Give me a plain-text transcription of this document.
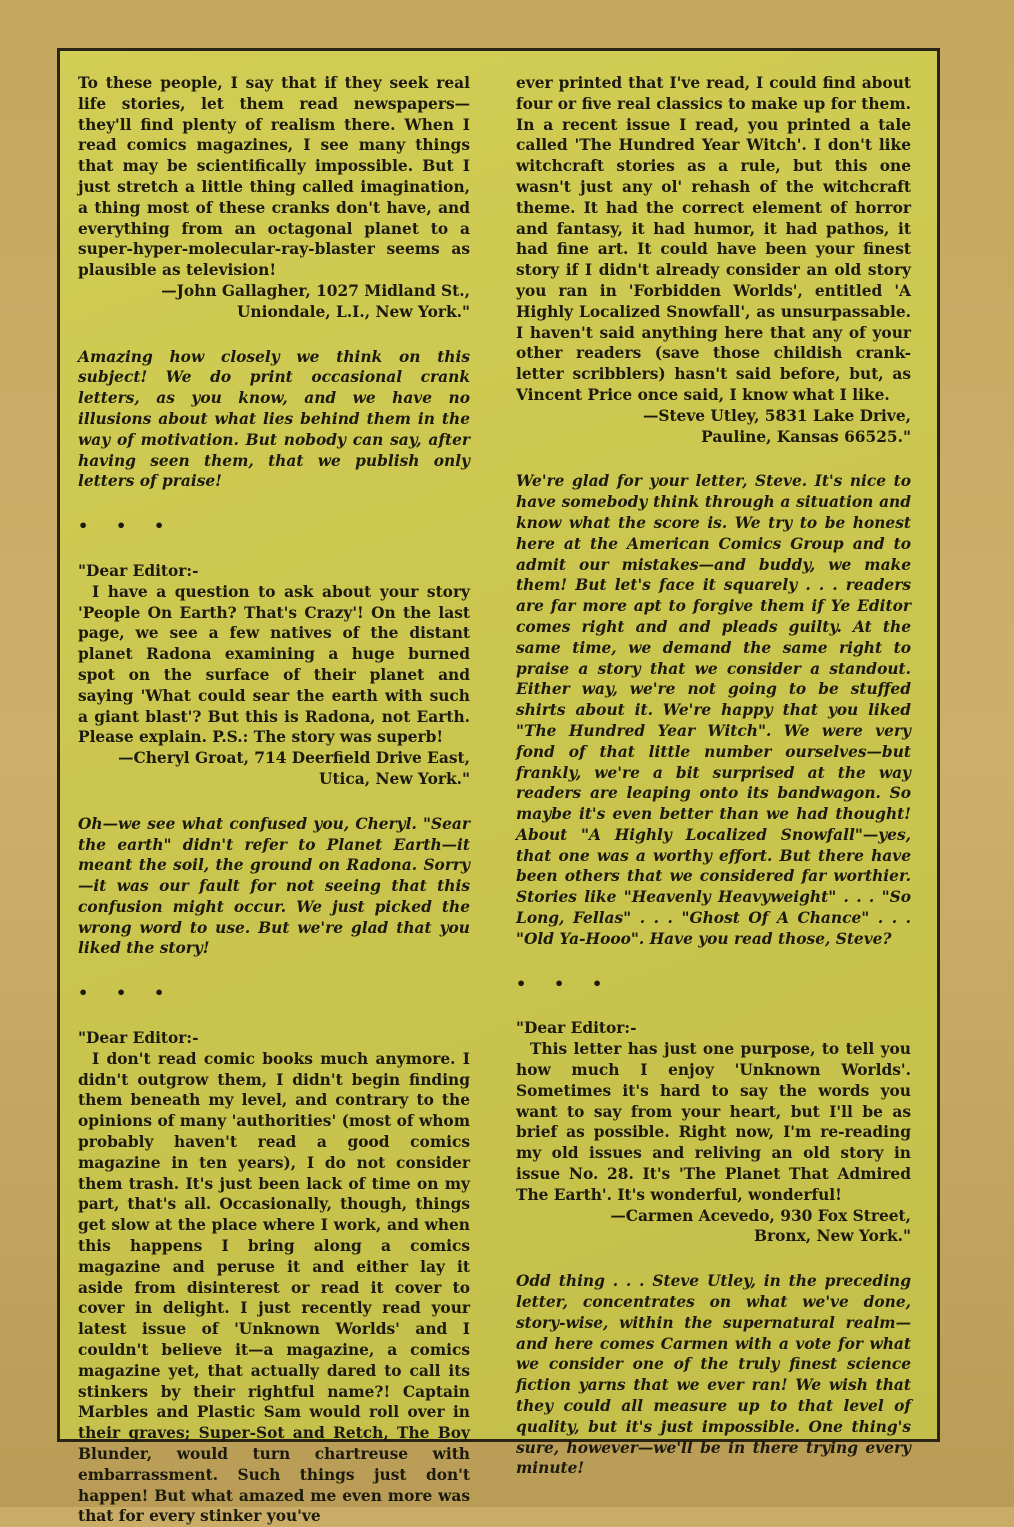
To these people, I say that if they seek real life stories, let them read newspapers—they'll find plenty of realism there. When I read comics magazines, I see many things that may be scientifically impossible. But I just stretch a little thing called imagination, a thing most of these cranks don't have, and everything from an octagonal planet to a super-hyper-molecular-ray-blaster seems as plausible as television!

—John Gallagher, 1027 Midland St.,

Uniondale, L.I., New York."

Amazing how closely we think on this subject! We do print occasional crank letters, as you know, and we have no illusions about what lies behind them in the way of motivation. But nobody can say, after having seen them, that we publish only letters of praise!

• • •

"Dear Editor:-

I have a question to ask about your story 'People On Earth? That's Crazy'! On the last page, we see a few natives of the distant planet Radona examining a huge burned spot on the surface of their planet and saying 'What could sear the earth with such a giant blast'? But this is Radona, not Earth. Please explain. P.S.: The story was superb!

—Cheryl Groat, 714 Deerfield Drive East,

Utica, New York."

Oh—we see what confused you, Cheryl. "Sear the earth" didn't refer to Planet Earth—it meant the soil, the ground on Radona. Sorry—it was our fault for not seeing that this confusion might occur. We just picked the wrong word to use. But we're glad that you liked the story!

• • •

"Dear Editor:-

I don't read comic books much anymore. I didn't outgrow them, I didn't begin finding them beneath my level, and contrary to the opinions of many 'authorities' (most of whom probably haven't read a good comics magazine in ten years), I do not consider them trash. It's just been lack of time on my part, that's all. Occasionally, though, things get slow at the place where I work, and when this happens I bring along a comics magazine and peruse it and either lay it aside from disinterest or read it cover to cover in delight. I just recently read your latest issue of 'Unknown Worlds' and I couldn't believe it—a magazine, a comics magazine yet, that actually dared to call its stinkers by their rightful name?! Captain Marbles and Plastic Sam would roll over in their graves; Super-Sot and Retch, The Boy Blunder, would turn chartreuse with embarrassment. Such things just don't happen! But what amazed me even more was that for every stinker you've

ever printed that I've read, I could find about four or five real classics to make up for them. In a recent issue I read, you printed a tale called 'The Hundred Year Witch'. I don't like witchcraft stories as a rule, but this one wasn't just any ol' rehash of the witchcraft theme. It had the correct element of horror and fantasy, it had humor, it had pathos, it had fine art. It could have been your finest story if I didn't already consider an old story you ran in 'Forbidden Worlds', entitled 'A Highly Localized Snowfall', as unsurpassable. I haven't said anything here that any of your other readers (save those childish crank-letter scribblers) hasn't said before, but, as Vincent Price once said, I know what I like.

—Steve Utley, 5831 Lake Drive,

Pauline, Kansas 66525."

We're glad for your letter, Steve. It's nice to have somebody think through a situation and know what the score is. We try to be honest here at the American Comics Group and to admit our mistakes—and buddy, we make them! But let's face it squarely . . . readers are far more apt to forgive them if Ye Editor comes right and and pleads guilty. At the same time, we demand the same right to praise a story that we consider a standout. Either way, we're not going to be stuffed shirts about it. We're happy that you liked "The Hundred Year Witch". We were very fond of that little number ourselves—but frankly, we're a bit surprised at the way readers are leaping onto its bandwagon. So maybe it's even better than we had thought! About "A Highly Localized Snowfall"—yes, that one was a worthy effort. But there have been others that we considered far worthier. Stories like "Heavenly Heavyweight" . . . "So Long, Fellas" . . . "Ghost Of A Chance" . . . "Old Ya-Hooo". Have you read those, Steve?

• • •

"Dear Editor:-

This letter has just one purpose, to tell you how much I enjoy 'Unknown Worlds'. Sometimes it's hard to say the words you want to say from your heart, but I'll be as brief as possible. Right now, I'm re-reading my old issues and reliving an old story in issue No. 28. It's 'The Planet That Admired The Earth'. It's wonderful, wonderful!

—Carmen Acevedo, 930 Fox Street,

Bronx, New York."

Odd thing . . . Steve Utley, in the preceding letter, concentrates on what we've done, story-wise, within the supernatural realm—and here comes Carmen with a vote for what we consider one of the truly finest science fiction yarns that we ever ran! We wish that they could all measure up to that level of quality, but it's just impossible. One thing's sure, however—we'll be in there trying every minute!
